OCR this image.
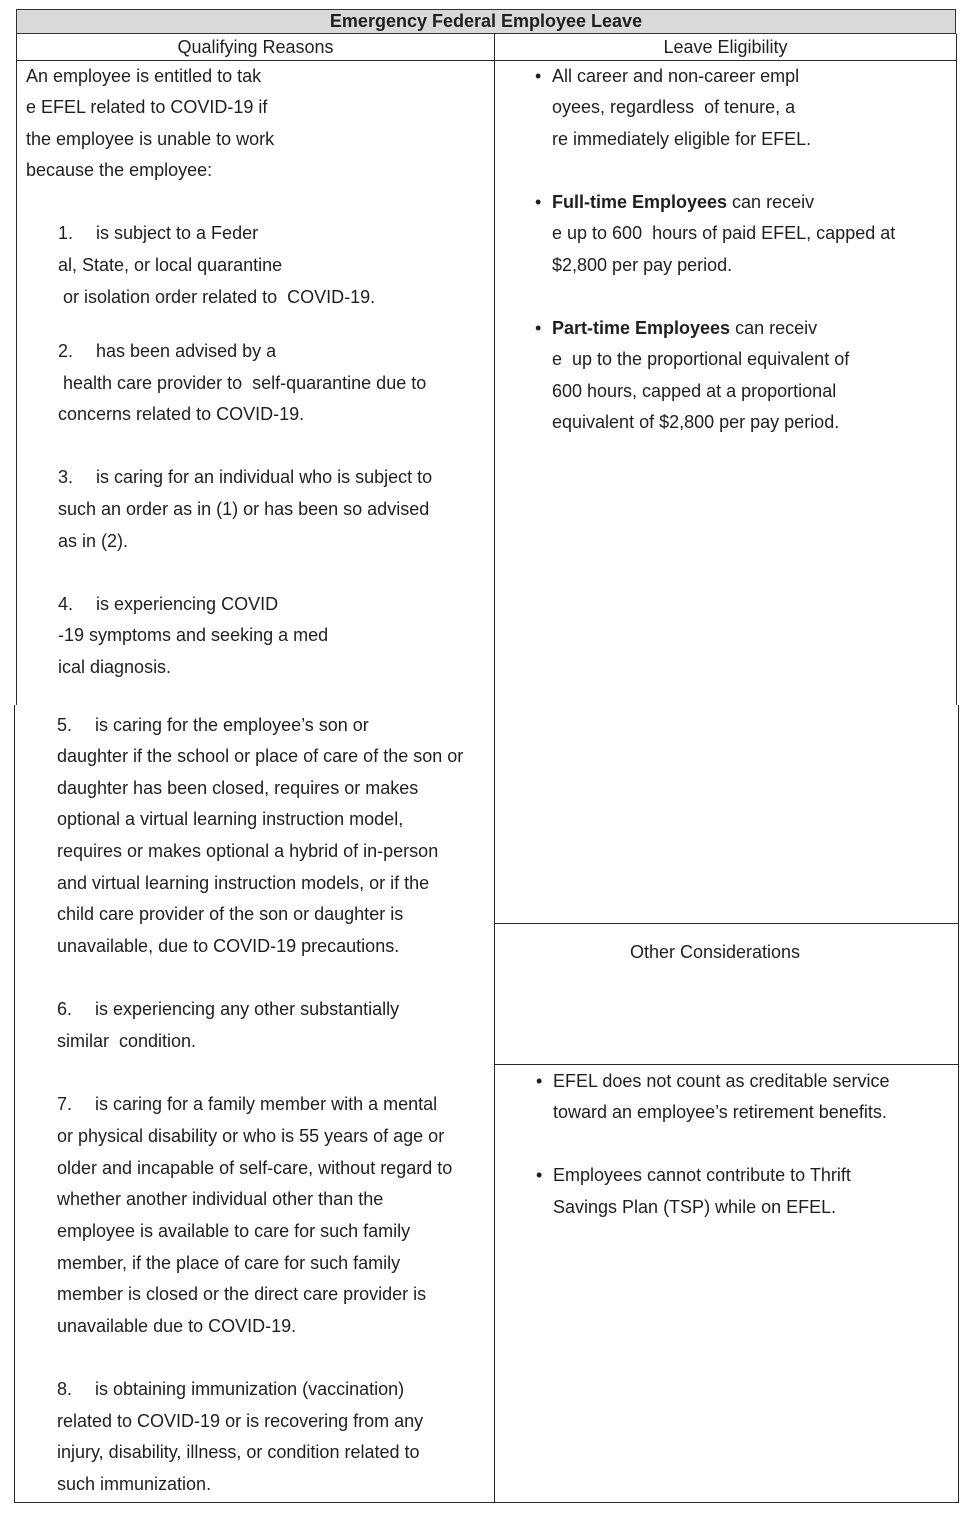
Emergency Federal Employee Leave
Qualifying Reasons	Leave Eligibility
Other Considerations
An employee is entitled to tak
e EFEL related to COVID-19 if
the employee is unable to work
because the employee:
1. is subject to a Feder
al, State, or local quarantine
or isolation order related to  COVID-19.
2. has been advised by a
health care provider to  self-quarantine due to
concerns related to COVID-19.
3. is caring for an individual who is subject to
such an order as in (1) or has been so advised
as in (2).
4. is experiencing COVID
-19 symptoms and seeking a med
ical diagnosis.
5. is caring for the employee’s son or
daughter if the school or place of care of the son or
daughter has been closed, requires or makes
optional a virtual learning instruction model,
requires or makes optional a hybrid of in-person
and virtual learning instruction models, or if the
child care provider of the son or daughter is
unavailable, due to COVID-19 precautions.
6. is experiencing any other substantially
similar  condition.
7. is caring for a family member with a mental
or physical disability or who is 55 years of age or
older and incapable of self-care, without regard to
whether another individual other than the
employee is available to care for such family
member, if the place of care for such family
member is closed or the direct care provider is
unavailable due to COVID-19.
8. is obtaining immunization (vaccination)
related to COVID-19 or is recovering from any
injury, disability, illness, or condition related to
such immunization.
• All career and non-career empl
oyees, regardless  of tenure, a
re immediately eligible for EFEL.
• Full-time Employees can receiv
e up to 600  hours of paid EFEL, capped at
$2,800 per pay period.
• Part-time Employees can receiv
e  up to the proportional equivalent of
600 hours, capped at a proportional
equivalent of $2,800 per pay period.
• EFEL does not count as creditable service
toward an employee’s retirement benefits.
• Employees cannot contribute to Thrift
Savings Plan (TSP) while on EFEL.
